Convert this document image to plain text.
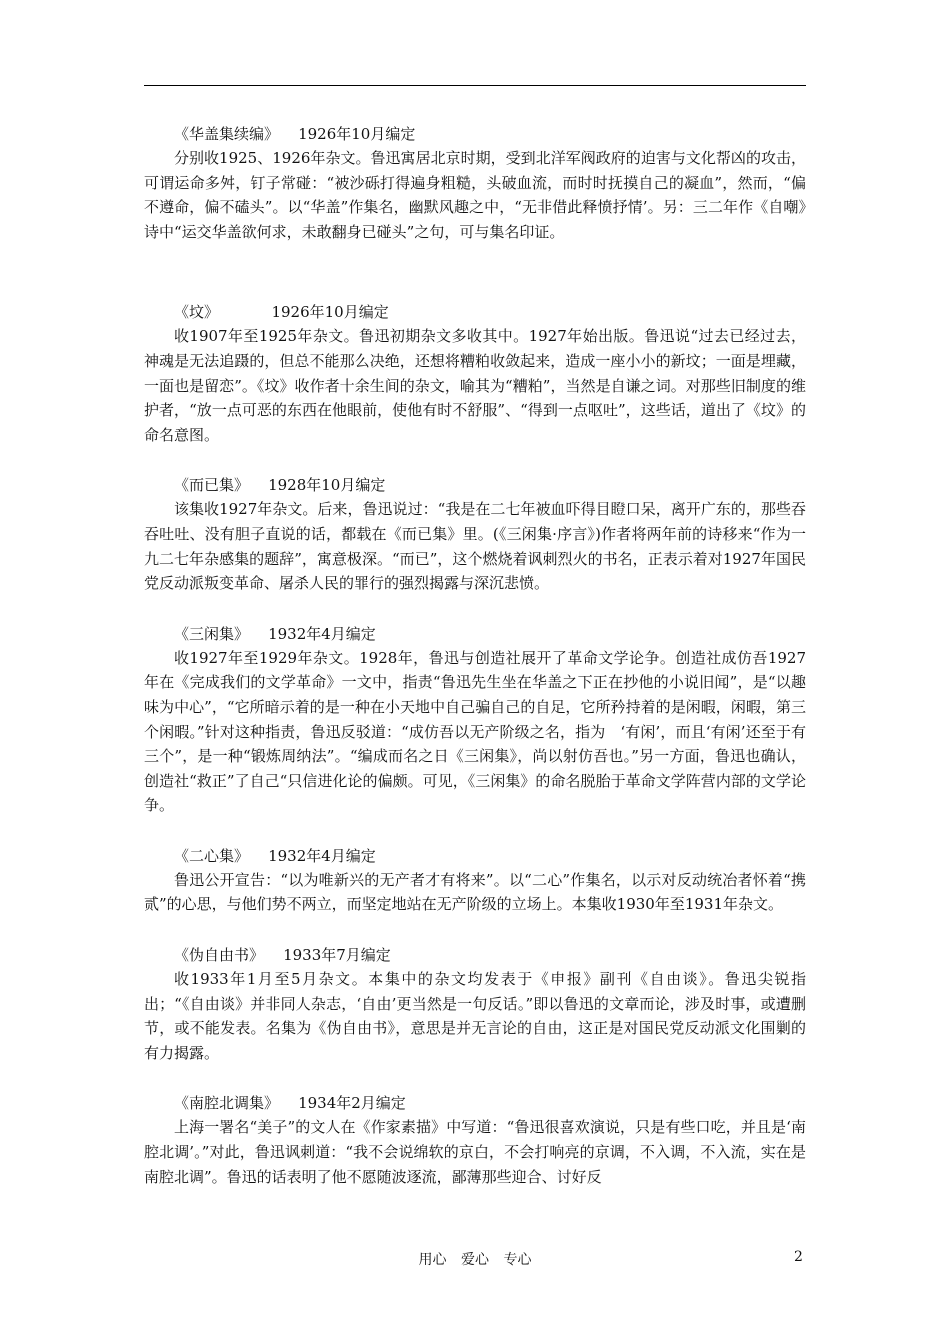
《华盖集续编》 1926年10月编定

分别收1925、1926年杂文。鲁迅寓居北京时期，受到北洋军阀政府的迫害与文化帮凶的攻击，可谓运命多舛，钉子常碰：“被沙砾打得遍身粗糙，头破血流，而时时抚摸自己的凝血”，然而，“偏不遵命，偏不磕头”。以“华盖”作集名，幽默风趣之中，“无非借此释愤抒情’。另：三二年作《自嘲》诗中“运交华盖欲何求，未敢翻身已碰头”之句，可与集名印证。

《坟》	1926年10月编定

收1907年至1925年杂文。鲁迅初期杂文多收其中。1927年始出版。鲁迅说“过去已经过去，神魂是无法追蹑的，但总不能那么决绝，还想将糟粕收敛起来，造成一座小小的新坟；一面是埋藏，一面也是留恋”。《坟》收作者十余生间的杂文，喻其为“糟粕”，当然是自谦之词。对那些旧制度的维护者，“放一点可恶的东西在他眼前，使他有时不舒服”、“得到一点呕吐”，这些话，道出了《坟》的命名意图。

《而已集》 1928年10月编定

该集收1927年杂文。后来，鲁迅说过：“我是在二七年被血吓得目瞪口呆，离开广东的，那些吞吞吐吐、没有胆子直说的话，都载在《而已集》里。(《三闲集·序言》)作者将两年前的诗移来“作为一九二七年杂感集的题辞”，寓意极深。“而已”，这个燃烧着讽刺烈火的书名，正表示着对1927年国民党反动派叛变革命、屠杀人民的罪行的强烈揭露与深沉悲愤。

《三闲集》 1932年4月编定

收1927年至1929年杂文。1928年，鲁迅与创造社展开了革命文学论争。创造社成仿吾1927年在《完成我们的文学革命》一文中，指责“鲁迅先生坐在华盖之下正在抄他的小说旧闻”，是“以趣味为中心”，“它所暗示着的是一种在小天地中自己骗自己的自足，它所矜持着的是闲暇，闲暇，第三个闲暇。”针对这种指责，鲁迅反驳道：“成仿吾以无产阶级之名，指为　‘有闲’，而且‘有闲’还至于有三个”，是一种“锻炼周纳法”。“编成而名之日《三闲集》，尚以射仿吾也。”另一方面，鲁迅也确认，创造社“救正”了自己“只信进化论的偏颇。可见，《三闲集》的命名脱胎于革命文学阵营内部的文学论争。

《二心集》 1932年4月编定

鲁迅公开宣告：“以为唯新兴的无产者才有将来”。以“二心”作集名，以示对反动统冶者怀着“携贰”的心思，与他们势不两立，而坚定地站在无产阶级的立场上。本集收1930年至1931年杂文。

《伪自由书》 1933年7月编定

收1933年1月至5月杂文。本集中的杂文均发表于《申报》副刊《自由谈》。鲁迅尖锐指出；“《自由谈》并非同人杂志，‘自由’更当然是一句反话。”即以鲁迅的文章而论，涉及时事，或遭删节，或不能发表。名集为《伪自由书》，意思是并无言论的自由，这正是对国民党反动派文化围剿的有力揭露。

《南腔北调集》 1934年2月编定

上海一署名“美子”的文人在《作家素描》中写道：“鲁迅很喜欢演说，只是有些口吃，并且是‘南腔北调’。”对此，鲁迅讽刺道：“我不会说绵软的京白，不会打响亮的京调，不入调，不入流，实在是南腔北调”。鲁迅的话表明了他不愿随波逐流，鄙薄那些迎合、讨好反

用心 爱心 专心	2
